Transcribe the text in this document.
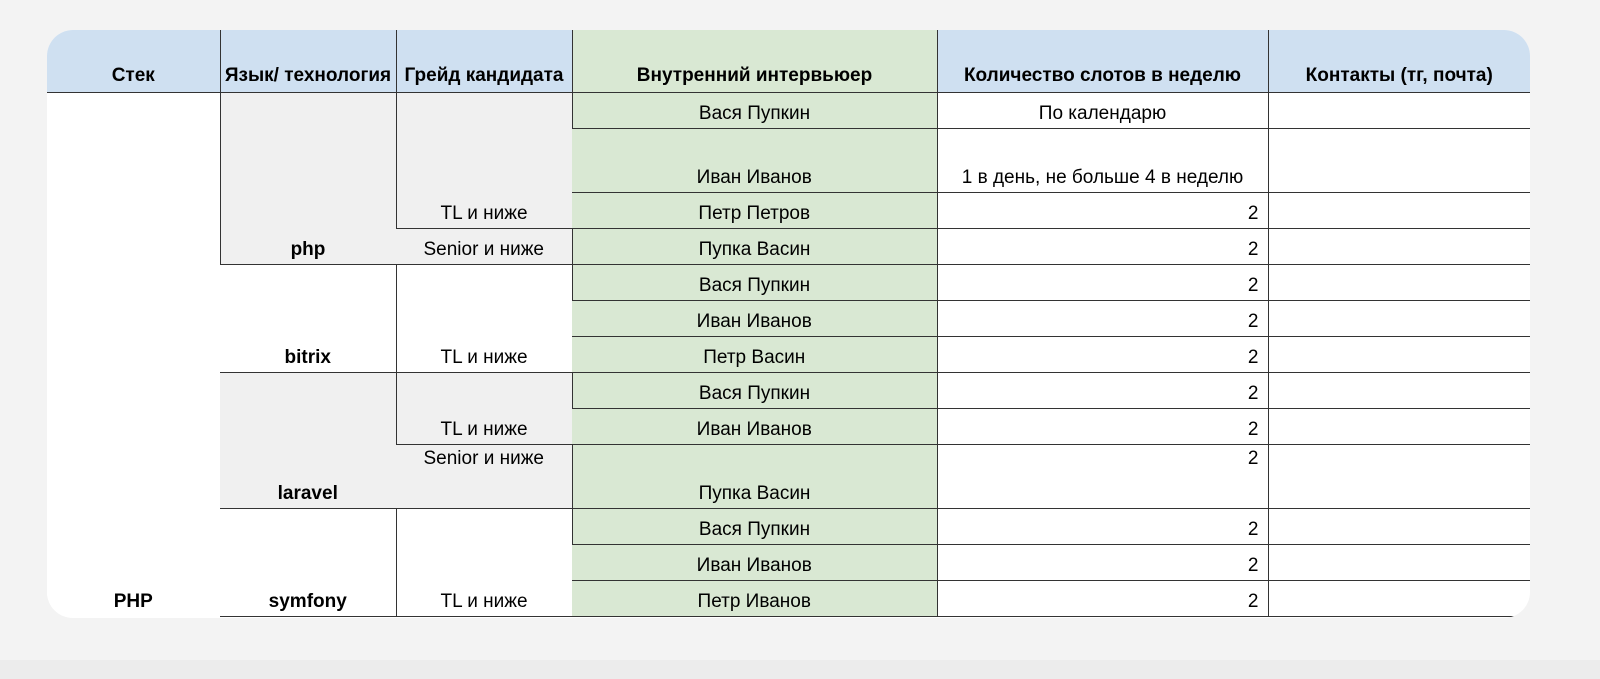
Стек	Язык/ технология	Грейд кандидата	Внутренний интервьюер	Количество слотов в неделю	Контакты (тг, почта)
PHP	php	TL и ниже	Вася Пупкин	По календарю	
			Иван Иванов	1 в день, не больше 4 в неделю	
			Петр Петров	2	
		Senior и ниже	Пупка Васин	2	
	bitrix	TL и ниже	Вася Пупкин	2	
			Иван Иванов	2	
			Петр Васин	2	
	laravel	TL и ниже	Вася Пупкин	2	
			Иван Иванов	2	
		Senior и ниже	Пупка Васин	2	
	symfony	TL и ниже	Вася Пупкин	2	
			Иван Иванов	2	
			Петр Иванов	2	
